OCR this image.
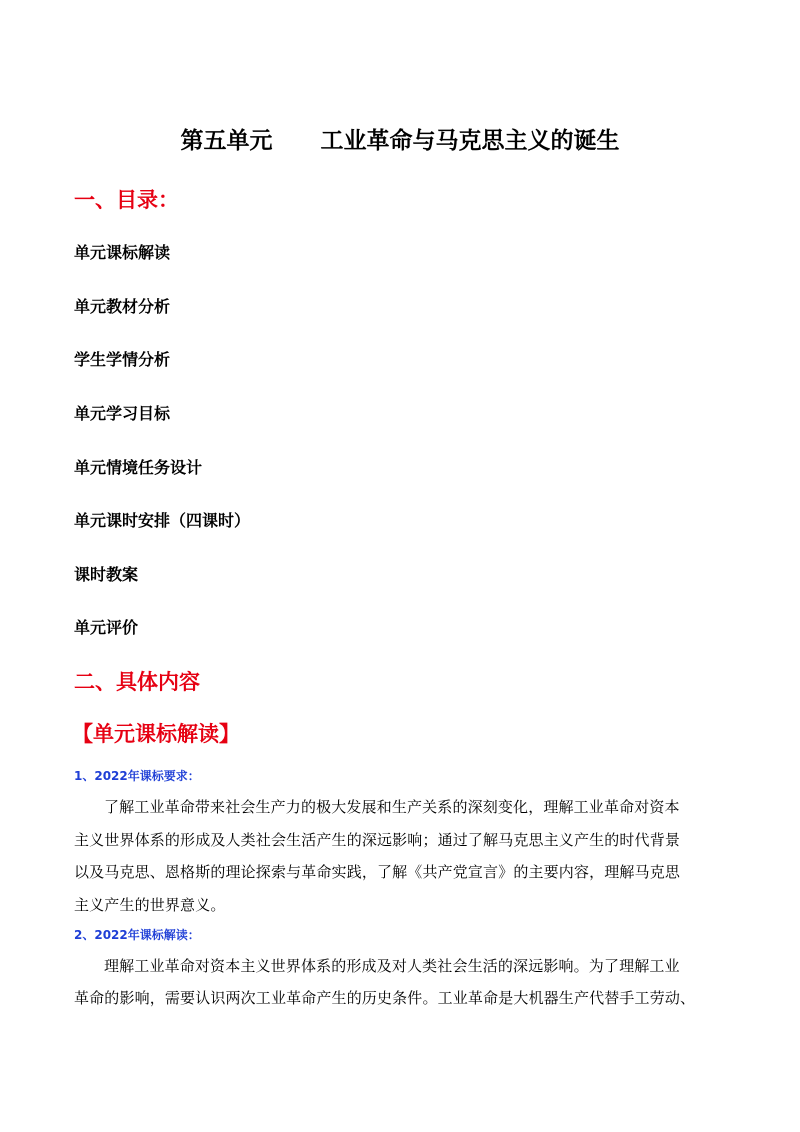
第五单元      工业革命与马克思主义的诞生
一、目录：
单元课标解读
单元教材分析
学生学情分析
单元学习目标
单元情境任务设计
单元课时安排（四课时）
课时教案
单元评价
二、具体内容
【单元课标解读】
1、2022年课标要求：
了解工业革命带来社会生产力的极大发展和生产关系的深刻变化，理解工业革命对资本
主义世界体系的形成及人类社会生活产生的深远影响；通过了解马克思主义产生的时代背景
以及马克思、恩格斯的理论探索与革命实践，了解《共产党宣言》的主要内容，理解马克思
主义产生的世界意义。
2、2022年课标解读：
理解工业革命对资本主义世界体系的形成及对人类社会生活的深远影响。为了理解工业
革命的影响，需要认识两次工业革命产生的历史条件。工业革命是大机器生产代替手工劳动、
